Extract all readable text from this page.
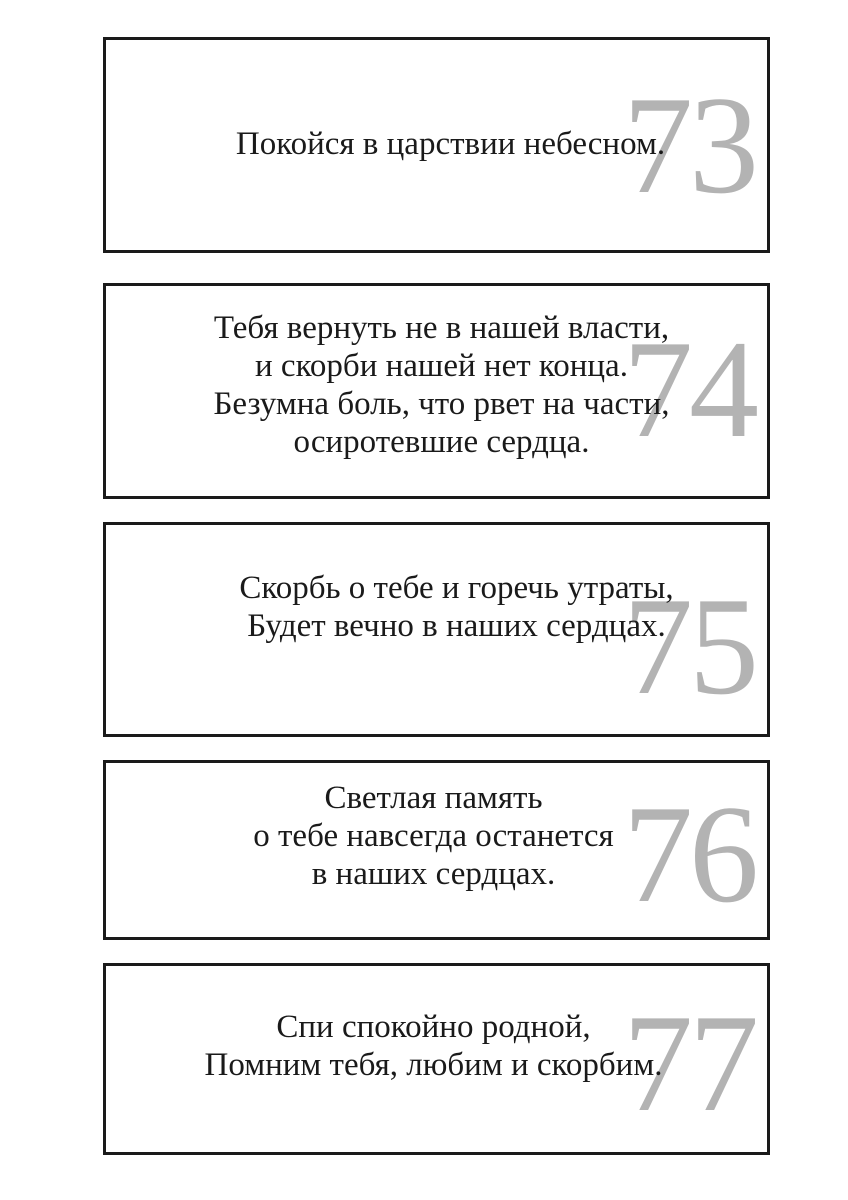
73
Покойся в царствии небесном.
74
Тебя вернуть не в нашей власти,
и скорби нашей нет конца.
Безумна боль, что рвет на части,
осиротевшие сердца.
75
Скорбь о тебе и горечь утраты,
Будет вечно в наших сердцах.
76
Светлая память
о тебе навсегда останется
в наших сердцах.
77
Спи спокойно родной,
Помним тебя, любим и скорбим.
